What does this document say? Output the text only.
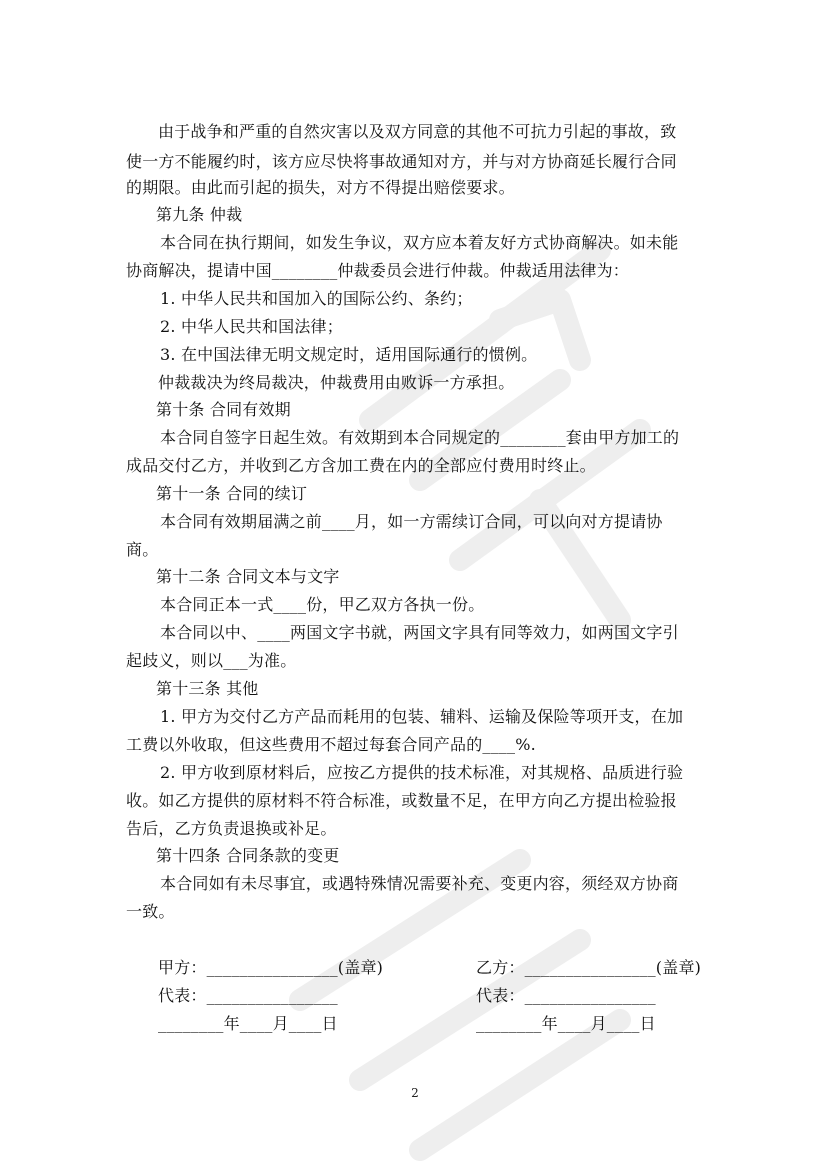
由于战争和严重的自然灾害以及双方同意的其他不可抗力引起的事故，致
使一方不能履约时，该方应尽快将事故通知对方，并与对方协商延长履行合同
的期限。由此而引起的损失，对方不得提出赔偿要求。
第九条 仲裁
本合同在执行期间，如发生争议，双方应本着友好方式协商解决。如未能
协商解决，提请中国________仲裁委员会进行仲裁。仲裁适用法律为：
1. 中华人民共和国加入的国际公约、条约；
2. 中华人民共和国法律；
3. 在中国法律无明文规定时，适用国际通行的惯例。
仲裁裁决为终局裁决，仲裁费用由败诉一方承担。
第十条 合同有效期
本合同自签字日起生效。有效期到本合同规定的________套由甲方加工的
成品交付乙方，并收到乙方含加工费在内的全部应付费用时终止。
第十一条 合同的续订
本合同有效期届满之前____月，如一方需续订合同，可以向对方提请协
商。
第十二条 合同文本与文字
本合同正本一式____份，甲乙双方各执一份。
本合同以中、____两国文字书就，两国文字具有同等效力，如两国文字引
起歧义，则以___为准。
第十三条 其他
1. 甲方为交付乙方产品而耗用的包装、辅料、运输及保险等项开支，在加
工费以外收取，但这些费用不超过每套合同产品的____%.
2. 甲方收到原材料后，应按乙方提供的技术标准，对其规格、品质进行验
收。如乙方提供的原材料不符合标准，或数量不足，在甲方向乙方提出检验报
告后，乙方负责退换或补足。
第十四条 合同条款的变更
本合同如有未尽事宜，或遇特殊情况需要补充、变更内容，须经双方协商
一致。
甲方：________________(盖章)	乙方：________________(盖章)
代表：________________	代表：________________
________年____月____日	________年____月____日
2
